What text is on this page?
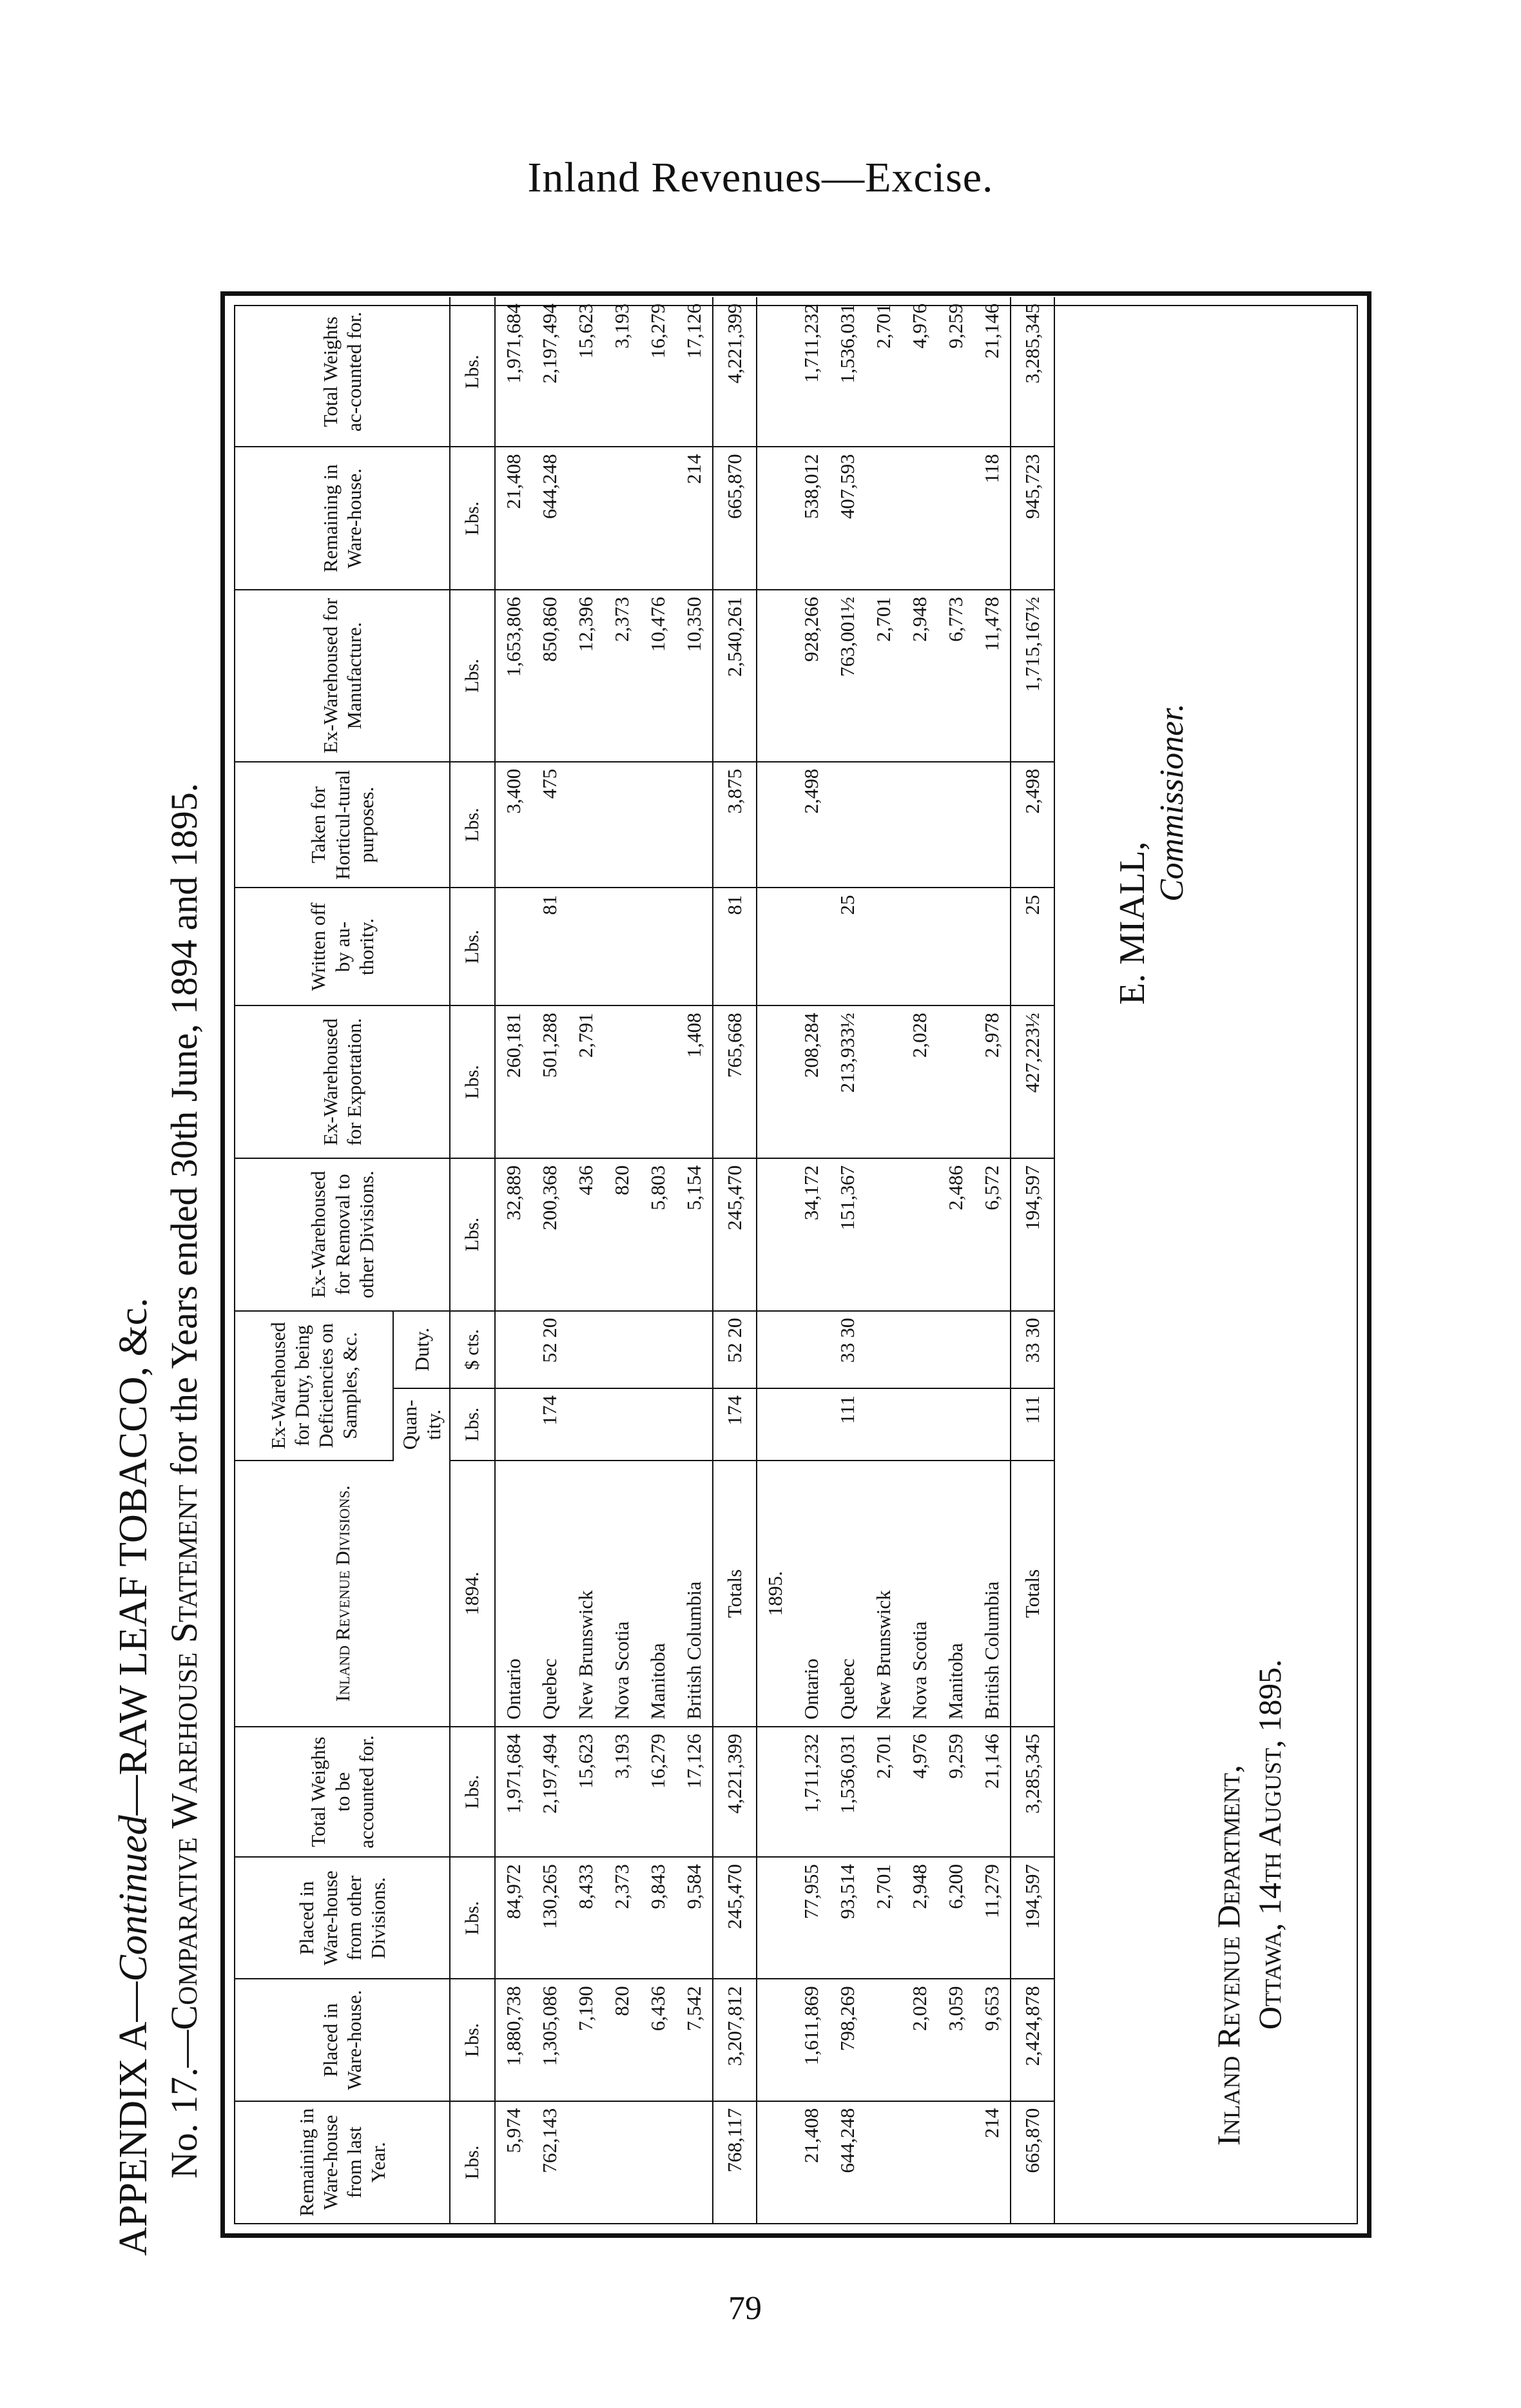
Inland Revenues—Excise.
APPENDIX A—Continued—RAW LEAF TOBACCO, &c.
No. 17.—Comparative Warehouse Statement for the Years ended 30th June, 1894 and 1895.
Remaining in Ware-house from last Year.	Placed in Ware-house.	Placed in Ware-house from other Divisions.	Total Weights to be accounted for.	Inland Revenue Divisions.	Ex-Warehoused for Duty, being Deficiencies on Samples, &c.		Ex-Warehoused for Removal to other Divisions.	Ex-Warehoused for Exportation.	Written off by au-thority.	Taken for Horticul-tural purposes.	Ex-Warehoused for Manufacture.	Remaining in Ware-house.	Total Weights ac-counted for.
					Quan-tity.	Duty.							
Lbs.	Lbs.	Lbs.	Lbs.	1894.	Lbs.	$ cts.	Lbs.	Lbs.	Lbs.	Lbs.	Lbs.	Lbs.	Lbs.
5,974	1,880,738	84,972	1,971,684	Ontario			32,889	260,181		3,400	1,653,806	21,408	1,971,684
762,143	1,305,086	130,265	2,197,494	Quebec	174	52 20	200,368	501,288	81	475	850,860	644,248	2,197,494
	7,190	8,433	15,623	New Brunswick			436	2,791			12,396		15,623
	820	2,373	3,193	Nova Scotia			820				2,373		3,193
	6,436	9,843	16,279	Manitoba			5,803				10,476		16,279
	7,542	9,584	17,126	British Columbia			5,154	1,408			10,350	214	17,126
768,117	3,207,812	245,470	4,221,399	Totals	174	52 20	245,470	765,668	81	3,875	2,540,261	665,870	4,221,399
				1895.									
21,408	1,611,869	77,955	1,711,232	Ontario			34,172	208,284		2,498	928,266	538,012	1,711,232
644,248	798,269	93,514	1,536,031	Quebec	111	33 30	151,367	213,933½	25		763,001½	407,593	1,536,031
		2,701	2,701	New Brunswick							2,701		2,701
	2,028	2,948	4,976	Nova Scotia				2,028			2,948		4,976
	3,059	6,200	9,259	Manitoba			2,486				6,773		9,259
214	9,653	11,279	21,146	British Columbia			6,572	2,978			11,478	118	21,146
665,870	2,424,878	194,597	3,285,345	Totals	111	33 30	194,597	427,223½	25	2,498	1,715,167½	945,723	3,285,345
Inland Revenue Department, Ottawa, 14th August, 1895.
E. MIALL,
Commissioner.
79
